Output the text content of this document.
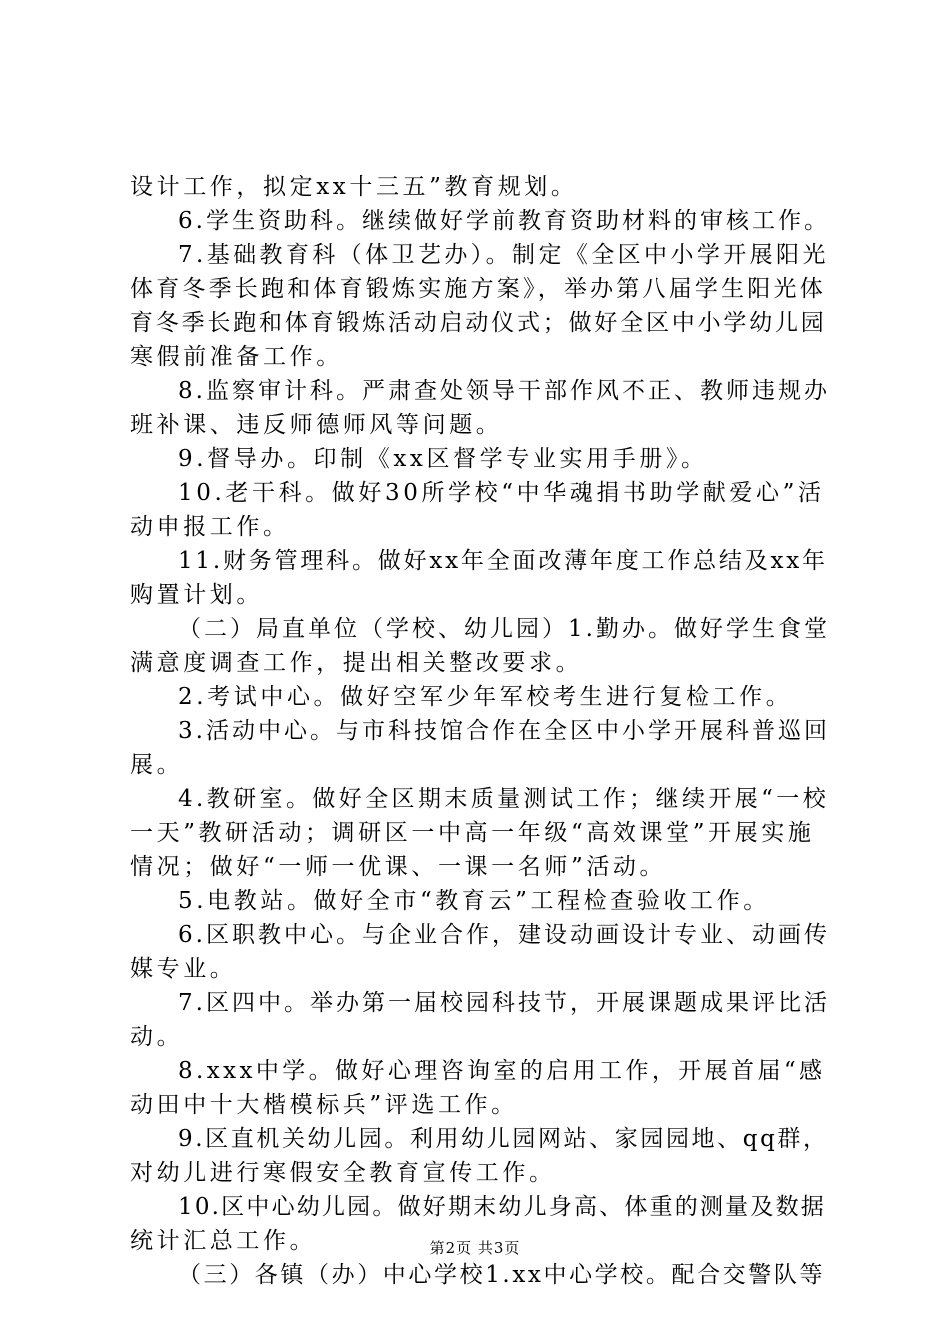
设计工作，拟定xx十三五”教育规划。
6.学生资助科。继续做好学前教育资助材料的审核工作。
7.基础教育科（体卫艺办）。制定《全区中小学开展阳光
体育冬季长跑和体育锻炼实施方案》，举办第八届学生阳光体
育冬季长跑和体育锻炼活动启动仪式；做好全区中小学幼儿园
寒假前准备工作。
8.监察审计科。严肃查处领导干部作风不正、教师违规办
班补课、违反师德师风等问题。
9.督导办。印制《xx区督学专业实用手册》。
10.老干科。做好30所学校“中华魂捐书助学献爱心”活
动申报工作。
11.财务管理科。做好xx年全面改薄年度工作总结及xx年
购置计划。
（二）局直单位（学校、幼儿园）1.勤办。做好学生食堂
满意度调查工作，提出相关整改要求。
2.考试中心。做好空军少年军校考生进行复检工作。
3.活动中心。与市科技馆合作在全区中小学开展科普巡回
展。
4.教研室。做好全区期末质量测试工作；继续开展“一校
一天”教研活动；调研区一中高一年级“高效课堂”开展实施
情况；做好“一师一优课、一课一名师”活动。
5.电教站。做好全市“教育云”工程检查验收工作。
6.区职教中心。与企业合作，建设动画设计专业、动画传
媒专业。
7.区四中。举办第一届校园科技节，开展课题成果评比活
动。
8.xxx中学。做好心理咨询室的启用工作，开展首届“感
动田中十大楷模标兵”评选工作。
9.区直机关幼儿园。利用幼儿园网站、家园园地、qq群，
对幼儿进行寒假安全教育宣传工作。
10.区中心幼儿园。做好期末幼儿身高、体重的测量及数据
统计汇总工作。
（三）各镇（办）中心学校1.xx中心学校。配合交警队等
第2页 共3页
